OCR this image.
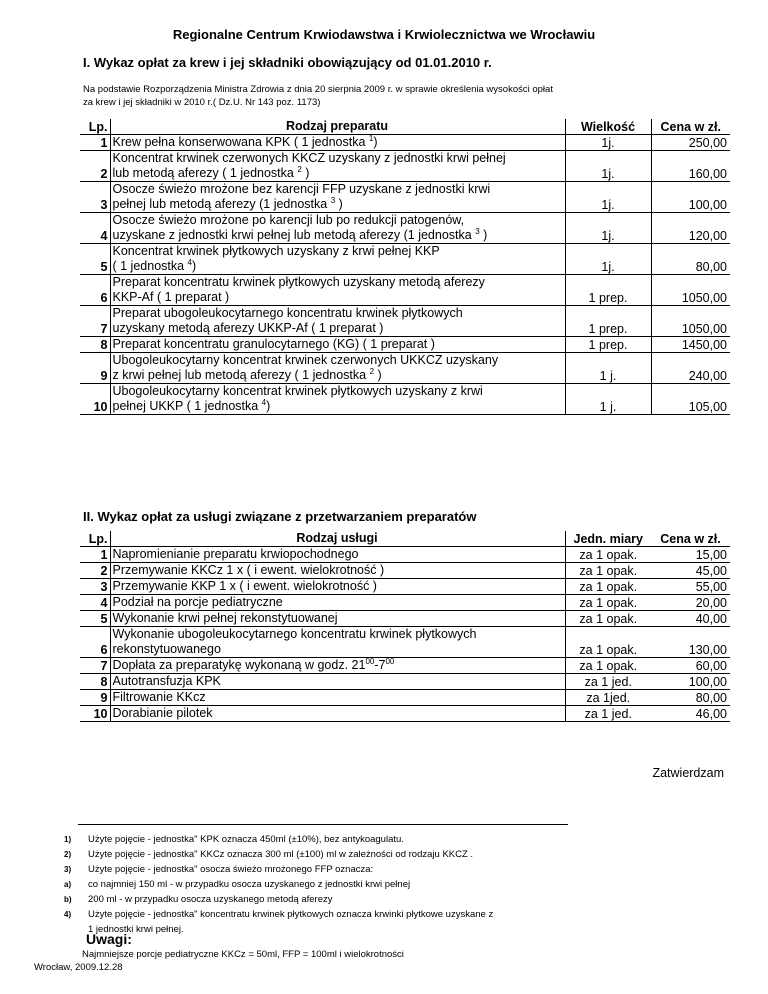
Regionalne Centrum Krwiodawstwa i Krwiolecznictwa we Wrocławiu
I. Wykaz opłat za krew i jej składniki obowiązujący od 01.01.2010 r.
Na podstawie Rozporządzenia Ministra Zdrowia z dnia 20 sierpnia 2009 r. w sprawie określenia wysokości opłat
za krew i jej składniki w 2010 r.( Dz.U. Nr 143 poz. 1173)
Lp.	Rodzaj preparatu	Wielkość	Cena w zł.
1	Krew pełna konserwowana KPK ( 1 jednostka $^1$)	1j.	250,00
2	Koncentrat krwinek czerwonych KKCZ uzyskany z jednostki krwi pełnej
lub metodą aferezy ( 1 jednostka $^2$ )	1j.	160,00
3	Osocze świeżo mrożone bez karencji FFP uzyskane z jednostki krwi
pełnej lub metodą aferezy (1 jednostka $^3$ )	1j.	100,00
4	Osocze świeżo mrożone po karencji lub po redukcji patogenów,
uzyskane z jednostki krwi pełnej lub metodą aferezy (1 jednostka $^3$ )	1j.	120,00
5	Koncentrat krwinek płytkowych uzyskany z krwi pełnej KKP
( 1 jednostka $^4$)	1j.	80,00
6	Preparat koncentratu krwinek płytkowych uzyskany metodą aferezy
KKP-Af ( 1 preparat )	1 prep.	1050,00
7	Preparat ubogoleukocytarnego koncentratu krwinek płytkowych
uzyskany metodą aferezy UKKP-Af ( 1 preparat )	1 prep.	1050,00
8	Preparat koncentratu granulocytarnego (KG) ( 1 preparat )	1 prep.	1450,00
9	Ubogoleukocytarny koncentrat krwinek czerwonych UKKCZ uzyskany
z krwi pełnej lub metodą aferezy ( 1 jednostka $^2$ )	1 j.	240,00
10	Ubogoleukocytarny koncentrat krwinek płytkowych uzyskany z krwi
pełnej UKKP ( 1 jednostka $^4$)	1 j.	105,00
II. Wykaz opłat za usługi związane z przetwarzaniem preparatów
Lp.	Rodzaj usługi	Jedn. miary	Cena w zł.
1	Napromienianie preparatu krwiopochodnego	za 1 opak.	15,00
2	Przemywanie KKCz 1 x ( i ewent. wielokrotność )	za 1 opak.	45,00
3	Przemywanie KKP 1 x ( i ewent. wielokrotność )	za 1 opak.	55,00
4	Podział na porcje pediatryczne	za 1 opak.	20,00
5	Wykonanie krwi pełnej rekonstytuowanej	za 1 opak.	40,00
6	Wykonanie ubogoleukocytarnego koncentratu krwinek płytkowych
rekonstytuowanego	za 1 opak.	130,00
7	Dopłata za preparatykę wykonaną w godz. $21^{00}-7^{00}$	za 1 opak.	60,00
8	Autotransfuzja KPK	za 1 jed.	100,00
9	Filtrowanie KKcz	za 1jed.	80,00
10	Dorabianie pilotek	za 1 jed.	46,00
Zatwierdzam
1) Użyte pojęcie - jednostka" KPK oznacza 450ml (±10%), bez antykoagulatu.
2) Użyte pojęcie - jednostka" KKCz oznacza 300 ml (±100) ml w zależności od rodzaju KKCZ .
3) Użyte pojęcie - jednostka" osocza świeżo mrożonego FFP oznacza:
a) co najmniej 150 ml - w przypadku osocza uzyskanego z jednostki krwi pełnej
b) 200 ml - w przypadku osocza uzyskanego metodą aferezy
4) Użyte pojęcie - jednostka" koncentratu krwinek płytkowych oznacza krwinki płytkowe uzyskane z
1 jednostki krwi pełnej.
Uwagi:
Najmniejsze porcje pediatryczne KKCz = 50ml, FFP = 100ml i wielokrotności
Wrocław, 2009.12.28
